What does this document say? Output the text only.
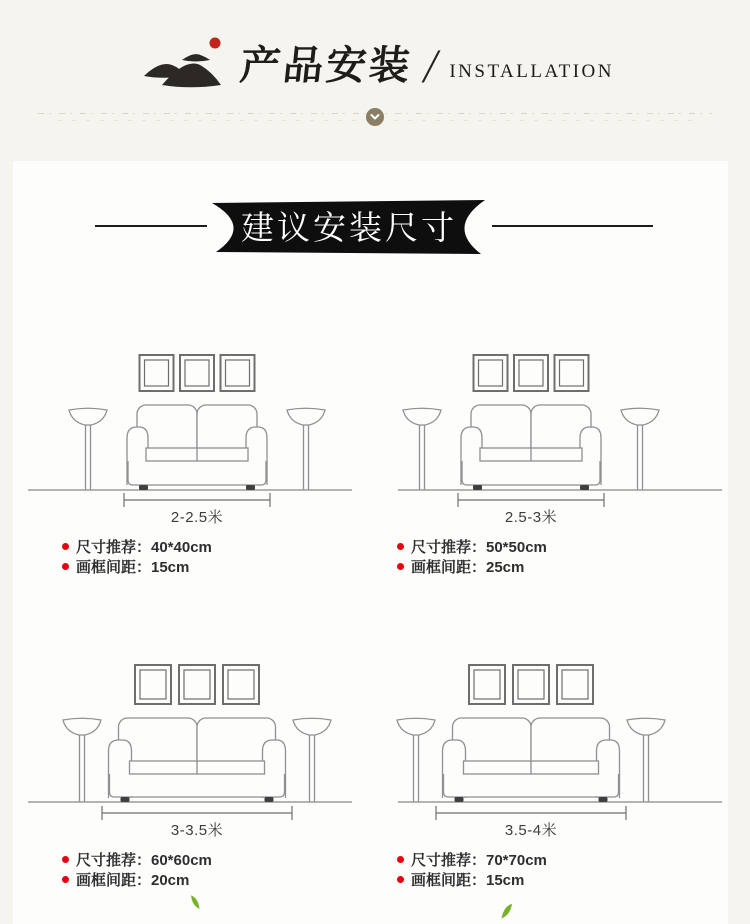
产品安装 / INSTALLATION
建议安装尺寸
2-2.5米	2.5-3米
3-3.5米	3.5-4米
尺寸推荐：40*40cm
画框间距：15cm
尺寸推荐：50*50cm
画框间距：25cm
尺寸推荐：60*60cm
画框间距：20cm
尺寸推荐：70*70cm
画框间距：15cm
